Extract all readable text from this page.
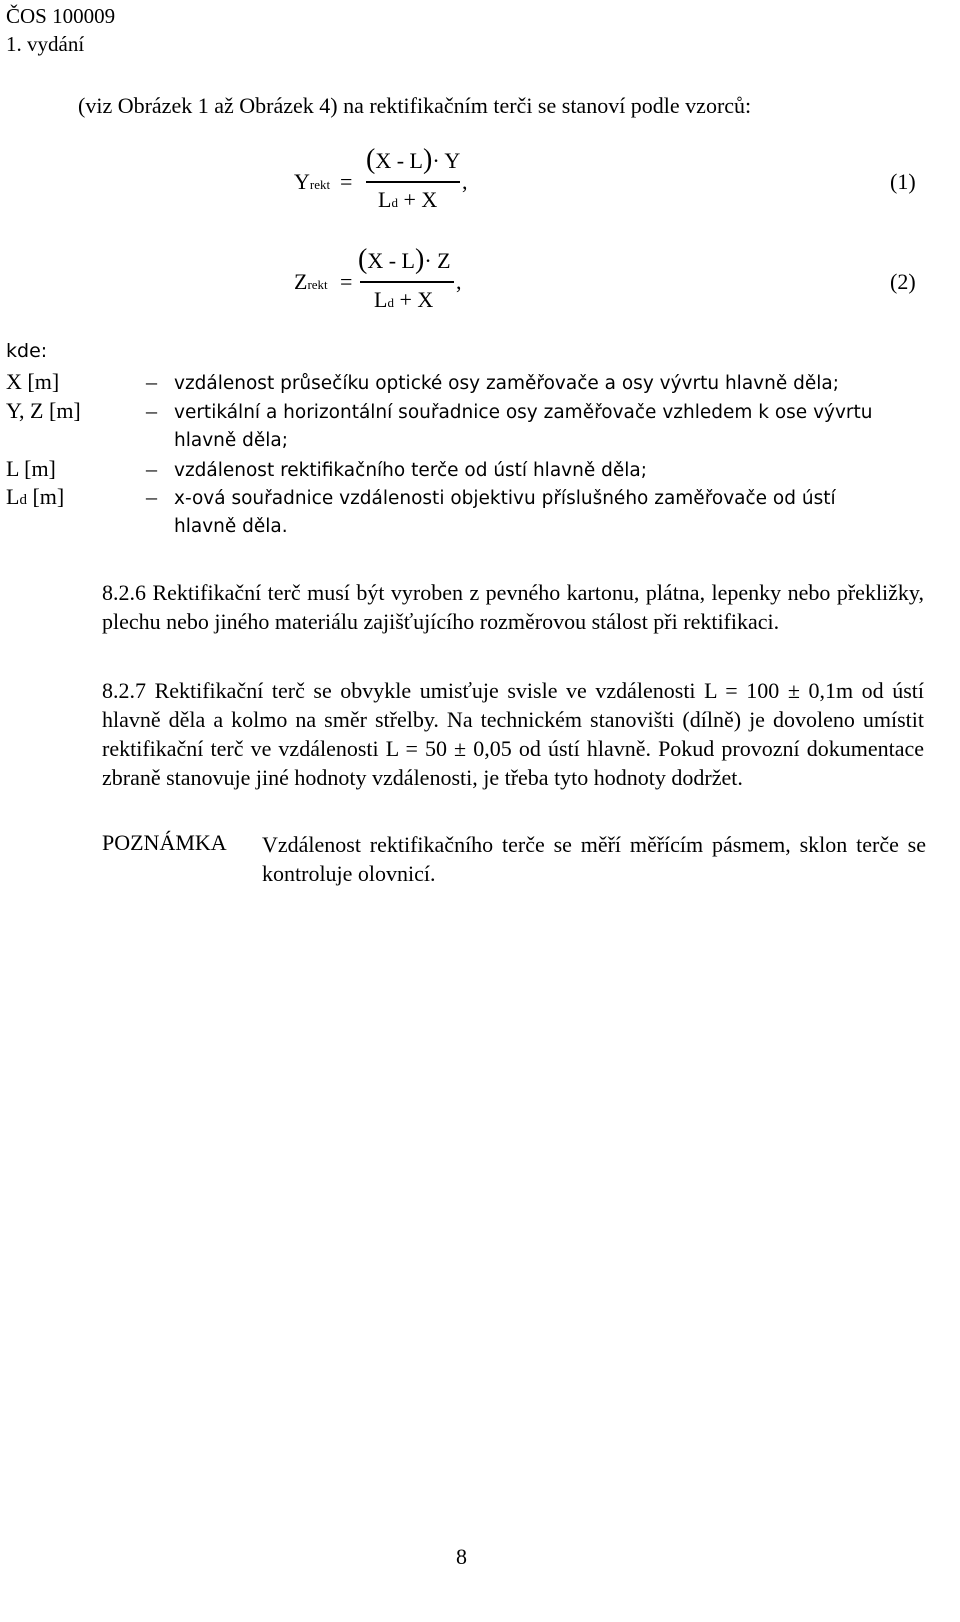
ČOS 100009
1. vydání
(viz Obrázek 1 až Obrázek 4) na rektifikačním terči se stanoví podle vzorců:
Yrekt =
(X - L)· Y
Ld + X
,	(1)
Zrekt =
(X - L)· Z
Ld + X
,	(2)
kde:
X [m]	– vzdálenost průsečíku optické osy zaměřovače a osy vývrtu hlavně děla;
Y, Z [m]	– vertikální a horizontální souřadnice osy zaměřovače vzhledem k ose vývrtu
hlavně děla;
L [m]	– vzdálenost rektifikačního terče od ústí hlavně děla;
Ld [m]	– x-ová souřadnice vzdálenosti objektivu příslušného zaměřovače od ústí
hlavně děla.
8.2.6 Rektifikační terč musí být vyroben z pevného kartonu, plátna, lepenky nebo překližky, plechu nebo jiného materiálu zajišťujícího rozměrovou stálost při rektifikaci.
8.2.7 Rektifikační terč se obvykle umisťuje svisle ve vzdálenosti L = 100 ± 0,1m od ústí hlavně děla a kolmo na směr střelby. Na technickém stanovišti (dílně) je dovoleno umístit rektifikační terč ve vzdálenosti L = 50 ± 0,05 od ústí hlavně. Pokud provozní dokumentace zbraně stanovuje jiné hodnoty vzdálenosti, je třeba tyto hodnoty dodržet.
POZNÁMKA Vzdálenost rektifikačního terče se měří měřícím pásmem, sklon terče se kontroluje olovnicí.
8
